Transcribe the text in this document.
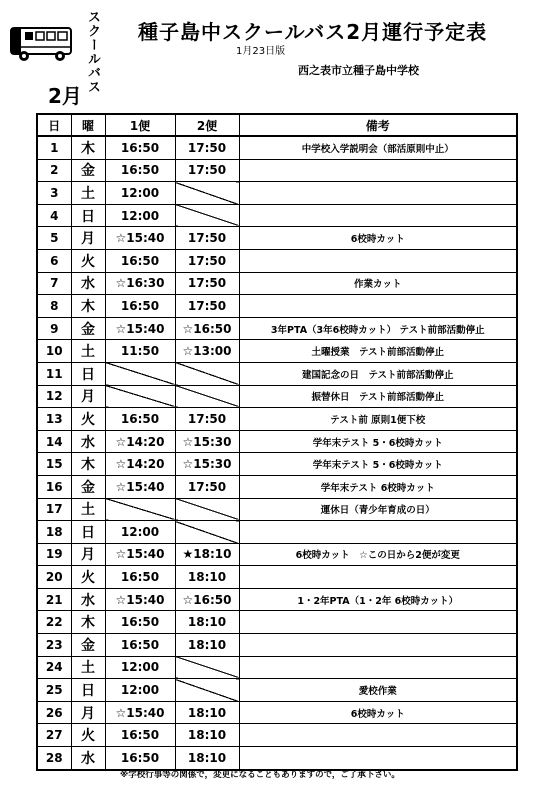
スクールバス 種子島中スクールバス2月運行予定表
1月23日版
西之表市立種子島中学校
2月
日	曜	1便	2便	備考
1	木	16:50	17:50	中学校入学説明会（部活原則中止）
2	金	16:50	17:50	
3	土	12:00		
4	日	12:00		
5	月	☆15:40	17:50	6校時カット
6	火	16:50	17:50	
7	水	☆16:30	17:50	作業カット
8	木	16:50	17:50	
9	金	☆15:40	☆16:50	3年PTA（3年6校時カット） テスト前部活動停止
10	土	11:50	☆13:00	土曜授業　テスト前部活動停止
11	日			建国記念の日　テスト前部活動停止
12	月			振替休日　テスト前部活動停止
13	火	16:50	17:50	テスト前 原則1便下校
14	水	☆14:20	☆15:30	学年末テスト 5・6校時カット
15	木	☆14:20	☆15:30	学年末テスト 5・6校時カット
16	金	☆15:40	17:50	学年末テスト 6校時カット
17	土			運休日（青少年育成の日）
18	日	12:00		
19	月	☆15:40	★18:10	6校時カット　☆この日から2便が変更
20	火	16:50	18:10	
21	水	☆15:40	☆16:50	1・2年PTA（1・2年 6校時カット）
22	木	16:50	18:10	
23	金	16:50	18:10	
24	土	12:00		
25	日	12:00		愛校作業
26	月	☆15:40	18:10	6校時カット
27	火	16:50	18:10	
28	水	16:50	18:10	
※学校行事等の関係で，変更になることもありますので，ご了承下さい。
